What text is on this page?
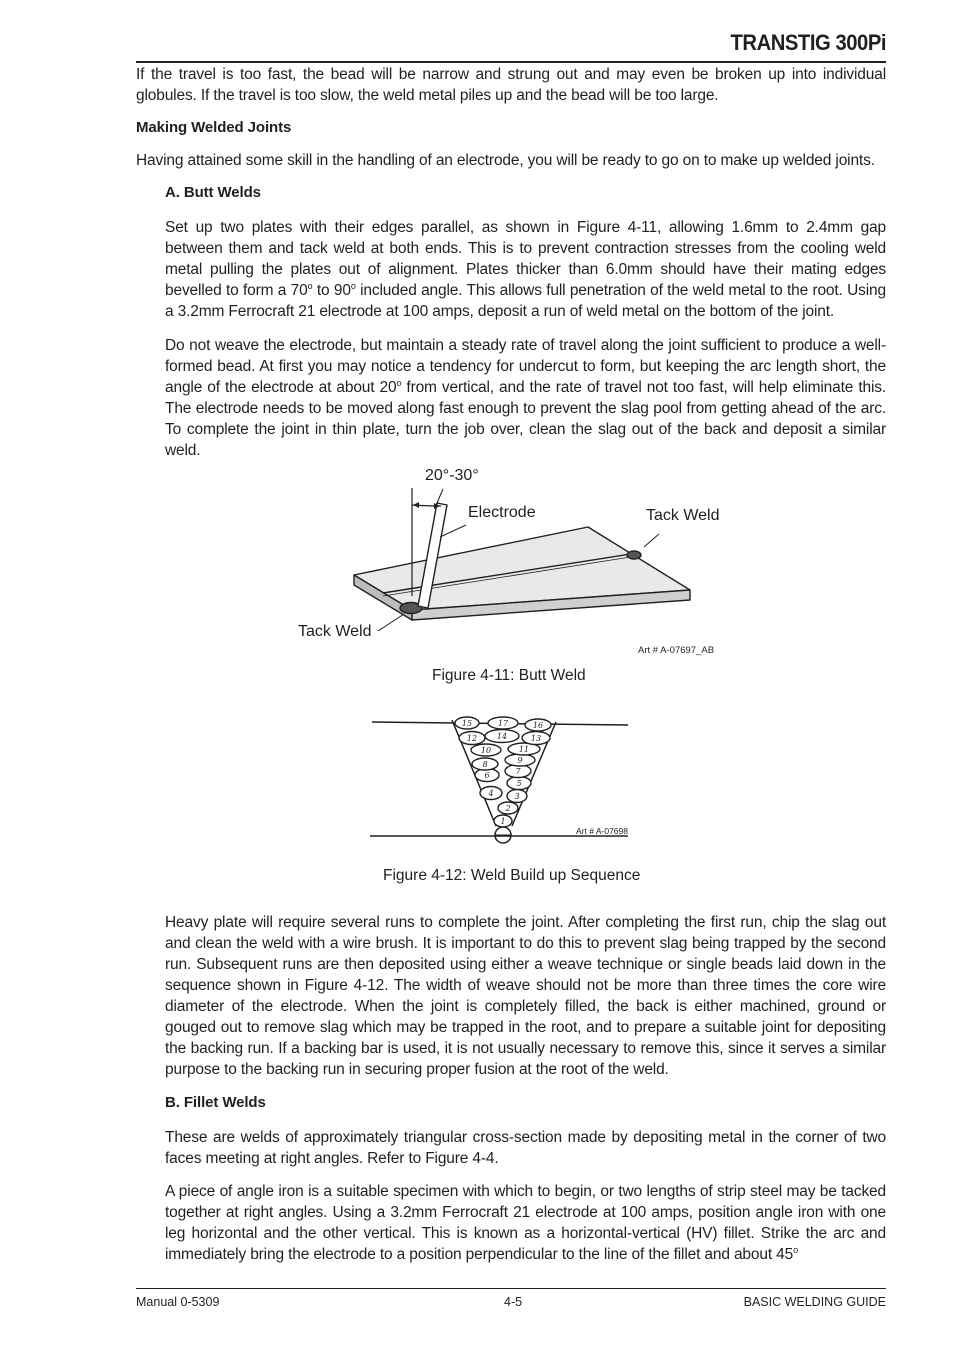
TRANSTIG 300Pi

If the travel is too fast, the bead will be narrow and strung out and may even be broken up into individual globules. If the travel is too slow, the weld metal piles up and the bead will be too large.

Making Welded Joints

Having attained some skill in the handling of an electrode, you will be ready to go on to make up welded joints.

A. Butt Welds

Set up two plates with their edges parallel, as shown in Figure 4-11, allowing 1.6mm to 2.4mm gap between them and tack weld at both ends. This is to prevent contraction stresses from the cooling weld metal pulling the plates out of alignment. Plates thicker than 6.0mm should have their mating edges bevelled to form a 70$^o$ to 90$^o$ included angle. This allows full penetration of the weld metal to the root. Using a 3.2mm Ferrocraft 21 electrode at 100 amps, deposit a run of weld metal on the bottom of the joint.

Do not weave the electrode, but maintain a steady rate of travel along the joint sufficient to produce a well-formed bead. At first you may notice a tendency for undercut to form, but keeping the arc length short, the angle of the electrode at about 20$^o$ from vertical, and the rate of travel not too fast, will help eliminate this. The electrode needs to be moved along fast enough to prevent the slag pool from getting ahead of the arc. To complete the joint in thin plate, turn the job over, clean the slag out of the back and deposit a similar weld.

20°-30°
Electrode	Tack Weld
Tack Weld
Art # A-07697_AB
Figure 4-11: Butt Weld
1
2
3
4
5
6	7
8	9
10	11
12	13
14
15	16
17
Art # A-07698
Figure 4-12: Weld Build up Sequence

Heavy plate will require several runs to complete the joint. After completing the first run, chip the slag out and clean the weld with a wire brush. It is important to do this to prevent slag being trapped by the second run. Subsequent runs are then deposited using either a weave technique or single beads laid down in the sequence shown in Figure 4-12. The width of weave should not be more than three times the core wire diameter of the electrode. When the joint is completely filled, the back is either machined, ground or gouged out to remove slag which may be trapped in the root, and to prepare a suitable joint for depositing the backing run. If a backing bar is used, it is not usually necessary to remove this, since it serves a similar purpose to the backing run in securing proper fusion at the root of the weld.

B. Fillet Welds

These are welds of approximately triangular cross-section made by depositing metal in the corner of two faces meeting at right angles. Refer to Figure 4-4.

A piece of angle iron is a suitable specimen with which to begin, or two lengths of strip steel may be tacked together at right angles. Using a 3.2mm Ferrocraft 21 electrode at 100 amps, position angle iron with one leg horizontal and the other vertical. This is known as a horizontal-vertical (HV) fillet. Strike the arc and immediately bring the electrode to a position perpendicular to the line of the fillet and about 45$^o$

Manual 0-5309	4-5	BASIC WELDING GUIDE
